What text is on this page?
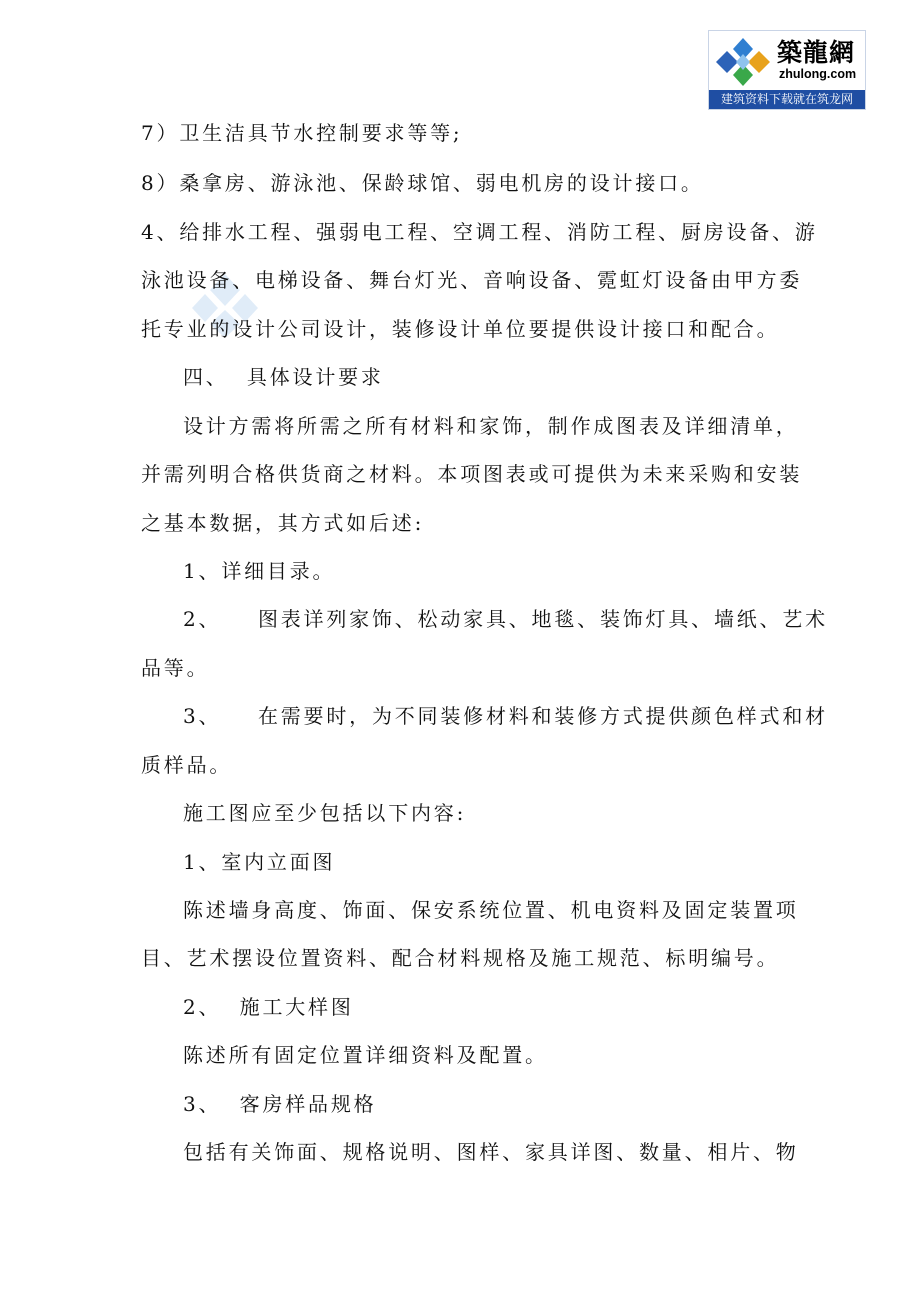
築龍網
zhulong.com
建筑资料下载就在筑龙网
7）卫生洁具节水控制要求等等;
8）桑拿房、游泳池、保龄球馆、弱电机房的设计接口。
4、给排水工程、强弱电工程、空调工程、消防工程、厨房设备、游
泳池设备、电梯设备、舞台灯光、音响设备、霓虹灯设备由甲方委
托专业的设计公司设计，装修设计单位要提供设计接口和配合。
四、  具体设计要求
设计方需将所需之所有材料和家饰，制作成图表及详细清单，
并需列明合格供货商之材料。本项图表或可提供为未来采购和安装
之基本数据，其方式如后述:
1、详细目录。
2、    图表详列家饰、松动家具、地毯、装饰灯具、墙纸、艺术
品等。
3、    在需要时，为不同装修材料和装修方式提供颜色样式和材
质样品。
施工图应至少包括以下内容:
1、室内立面图
陈述墙身高度、饰面、保安系统位置、机电资料及固定装置项
目、艺术摆设位置资料、配合材料规格及施工规范、标明编号。
2、  施工大样图
陈述所有固定位置详细资料及配置。
3、  客房样品规格
包括有关饰面、规格说明、图样、家具详图、数量、相片、物
